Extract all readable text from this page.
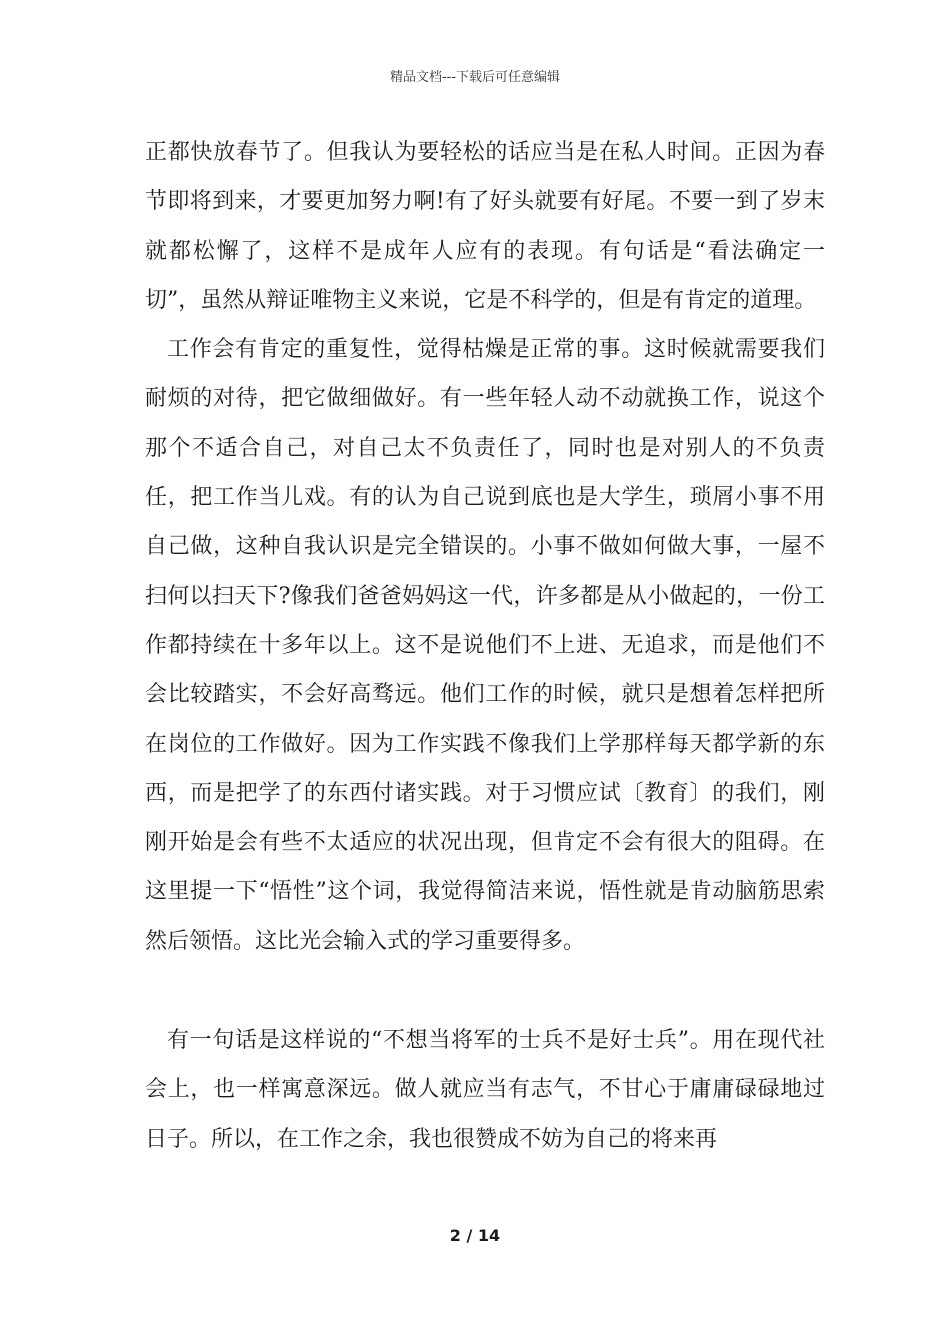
精品文档---下载后可任意编辑

正都快放春节了。但我认为要轻松的话应当是在私人时间。正因为春节即将到来，才要更加努力啊!有了好头就要有好尾。不要一到了岁末就都松懈了，这样不是成年人应有的表现。有句话是“看法确定一切”，虽然从辩证唯物主义来说，它是不科学的，但是有肯定的道理。

工作会有肯定的重复性，觉得枯燥是正常的事。这时候就需要我们耐烦的对待，把它做细做好。有一些年轻人动不动就换工作，说这个那个不适合自己，对自己太不负责任了，同时也是对别人的不负责任，把工作当儿戏。有的认为自己说到底也是大学生，琐屑小事不用自己做，这种自我认识是完全错误的。小事不做如何做大事，一屋不扫何以扫天下?像我们爸爸妈妈这一代，许多都是从小做起的，一份工作都持续在十多年以上。这不是说他们不上进、无追求，而是他们不会比较踏实，不会好高骛远。他们工作的时候，就只是想着怎样把所在岗位的工作做好。因为工作实践不像我们上学那样每天都学新的东西，而是把学了的东西付诸实践。对于习惯应试〔教育〕的我们，刚刚开始是会有些不太适应的状况出现，但肯定不会有很大的阻碍。在这里提一下“悟性”这个词，我觉得简洁来说，悟性就是肯动脑筋思索然后领悟。这比光会输入式的学习重要得多。

有一句话是这样说的“不想当将军的士兵不是好士兵”。用在现代社会上，也一样寓意深远。做人就应当有志气，不甘心于庸庸碌碌地过日子。所以，在工作之余，我也很赞成不妨为自己的将来再

2 / 14
